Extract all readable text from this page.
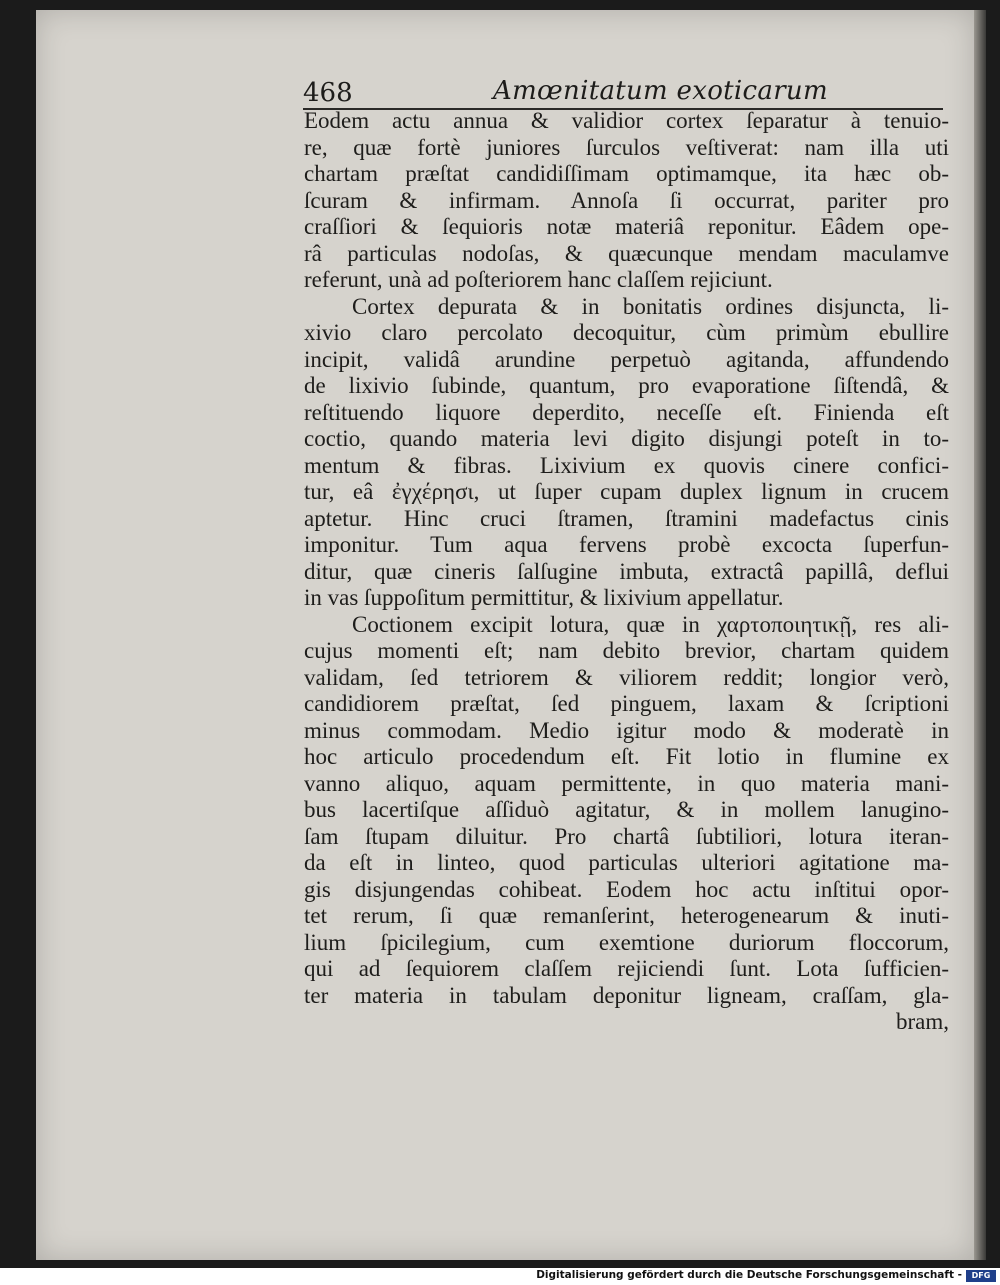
468	Amœnitatum exoticarum
Eodem actu annua & validior cortex ſeparatur à tenuio-
re, quæ fortè juniores ſurculos veſtiverat: nam illa uti
chartam præſtat candidiſſimam optimamque, ita hæc ob-
ſcuram & infirmam. Annoſa ſi occurrat, pariter pro
craſſiori & ſequioris notæ materiâ reponitur. Eâdem ope-
râ particulas nodoſas, & quæcunque mendam maculamve
referunt, unà ad poſteriorem hanc claſſem rejiciunt.
Cortex depurata & in bonitatis ordines disjuncta, li-
xivio claro percolato decoquitur, cùm primùm ebullire
incipit, validâ arundine perpetuò agitanda, affundendo
de lixivio ſubinde, quantum, pro evaporatione ſiſtendâ, &
reſtituendo liquore deperdito, neceſſe eſt. Finienda eſt
coctio, quando materia levi digito disjungi poteſt in to-
mentum & fibras. Lixivium ex quovis cinere confici-
tur, eâ ἐγχέρησι, ut ſuper cupam duplex lignum in crucem
aptetur. Hinc cruci ſtramen, ſtramini madefactus cinis
imponitur. Tum aqua fervens probè excocta ſuperfun-
ditur, quæ cineris ſalſugine imbuta, extractâ papillâ, deflui
in vas ſuppoſitum permittitur, & lixivium appellatur.
Coctionem excipit lotura, quæ in χαρτοποιητικῇ, res ali-
cujus momenti eſt; nam debito brevior, chartam quidem
validam, ſed tetriorem & viliorem reddit; longior verò,
candidiorem præſtat, ſed pinguem, laxam & ſcriptioni
minus commodam. Medio igitur modo & moderatè in
hoc articulo procedendum eſt. Fit lotio in flumine ex
vanno aliquo, aquam permittente, in quo materia mani-
bus lacertiſque aſſiduò agitatur, & in mollem lanugino-
ſam ſtupam diluitur. Pro chartâ ſubtiliori, lotura iteran-
da eſt in linteo, quod particulas ulteriori agitatione ma-
gis disjungendas cohibeat. Eodem hoc actu inſtitui opor-
tet rerum, ſi quæ remanſerint, heterogenearum & inuti-
lium ſpicilegium, cum exemtione duriorum floccorum,
qui ad ſequiorem claſſem rejiciendi ſunt. Lota ſufficien-
ter materia in tabulam deponitur ligneam, craſſam, gla-
bram,
Digitalisierung gefördert durch die Deutsche Forschungsgemeinschaft -	DFG
